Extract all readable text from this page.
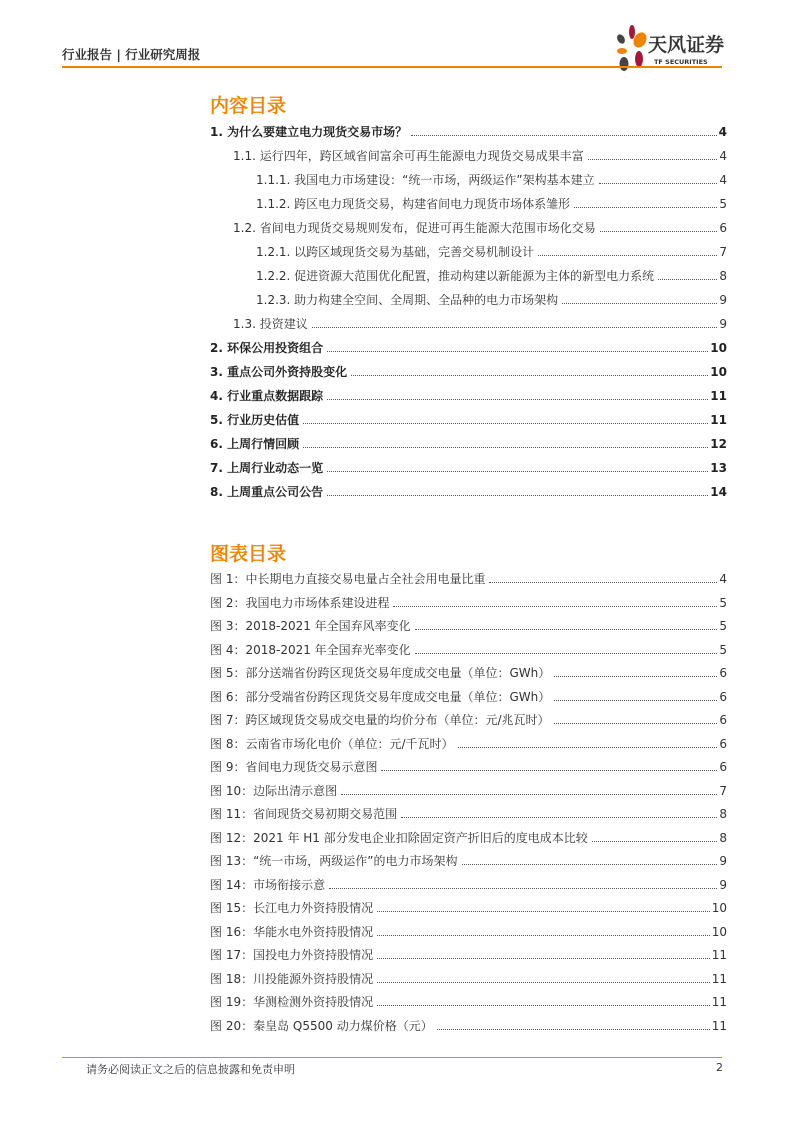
行业报告 | 行业研究周报	天风证券
TF SECURITIES
内容目录
1. 为什么要建立电力现货交易市场？	4
1.1. 运行四年，跨区域省间富余可再生能源电力现货交易成果丰富	4
1.1.1. 我国电力市场建设：“统一市场，两级运作”架构基本建立	4
1.1.2. 跨区电力现货交易，构建省间电力现货市场体系雏形	5
1.2. 省间电力现货交易规则发布，促进可再生能源大范围市场化交易	6
1.2.1. 以跨区域现货交易为基础，完善交易机制设计	7
1.2.2. 促进资源大范围优化配置，推动构建以新能源为主体的新型电力系统	8
1.2.3. 助力构建全空间、全周期、全品种的电力市场架构	9
1.3. 投资建议	9
2. 环保公用投资组合	10
3. 重点公司外资持股变化	10
4. 行业重点数据跟踪	11
5. 行业历史估值	11
6. 上周行情回顾	12
7. 上周行业动态一览	13
8. 上周重点公司公告	14
图表目录
图 1：中长期电力直接交易电量占全社会用电量比重	4
图 2：我国电力市场体系建设进程	5
图 3：2018-2021 年全国弃风率变化	5
图 4：2018-2021 年全国弃光率变化	5
图 5：部分送端省份跨区现货交易年度成交电量（单位：GWh）	6
图 6：部分受端省份跨区现货交易年度成交电量（单位：GWh）	6
图 7：跨区域现货交易成交电量的均价分布（单位：元/兆瓦时）	6
图 8：云南省市场化电价（单位：元/千瓦时）	6
图 9：省间电力现货交易示意图	6
图 10：边际出清示意图	7
图 11：省间现货交易初期交易范围	8
图 12：2021 年 H1 部分发电企业扣除固定资产折旧后的度电成本比较	8
图 13：“统一市场，两级运作”的电力市场架构	9
图 14：市场衔接示意	9
图 15：长江电力外资持股情况	10
图 16：华能水电外资持股情况	10
图 17：国投电力外资持股情况	11
图 18：川投能源外资持股情况	11
图 19：华测检测外资持股情况	11
图 20：秦皇岛 Q5500 动力煤价格（元）	11
请务必阅读正文之后的信息披露和免责申明	2
